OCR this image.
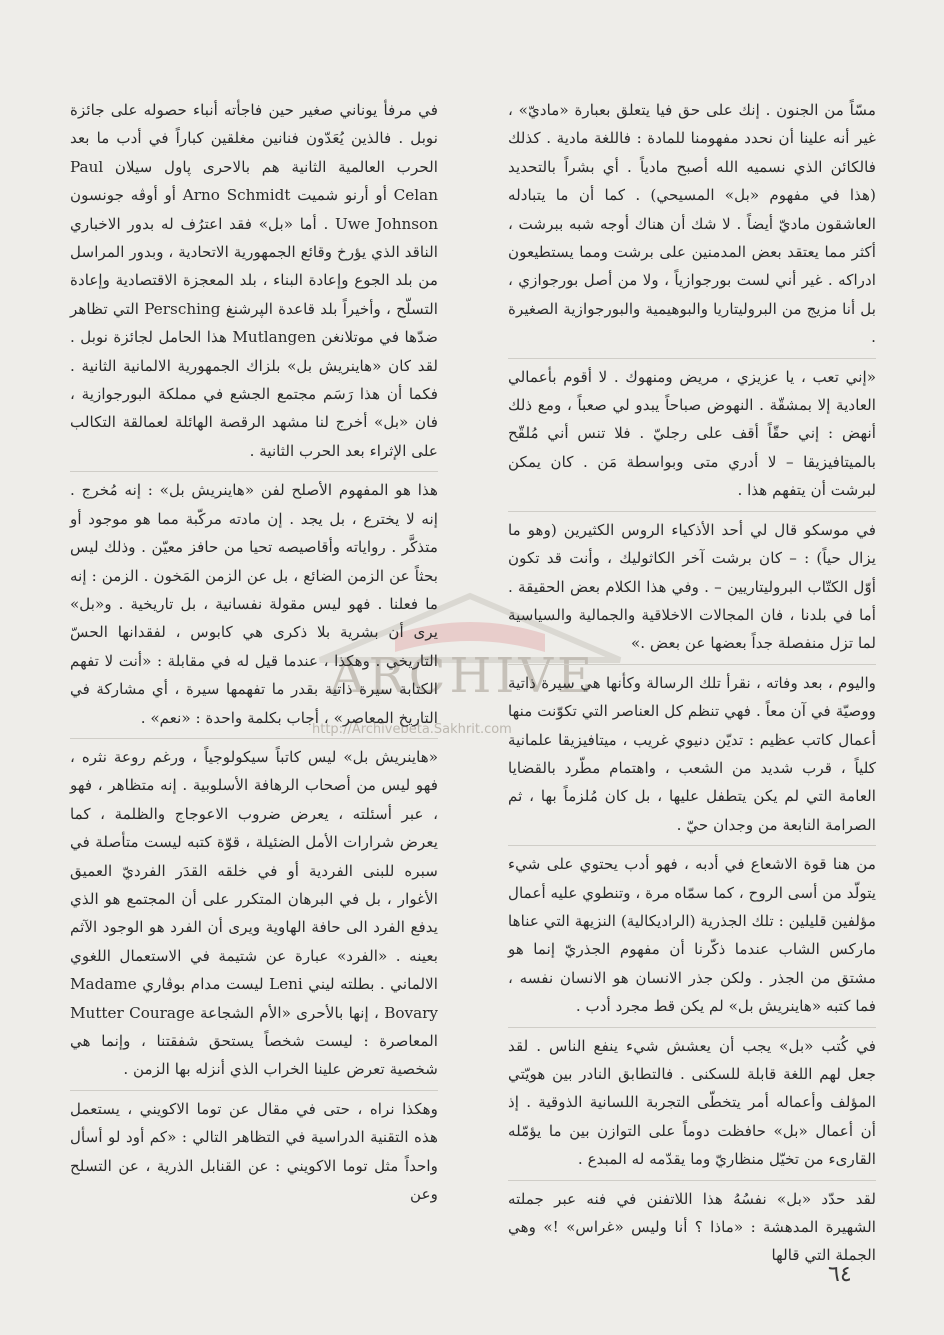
ARCHIVE
http://Archivebeta.Sakhrit.com

مسّاً من الجنون . إنك على حق فيا يتعلق بعبارة «ماديّ» ، غير أنه علينا أن نحدد مفهومنا للمادة : فاللغة مادية . كذلك فالكائن الذي نسميه الله أصبح مادياً . أي بشراً بالتحديد (هذا في مفهوم «بل» المسيحي) . كما أن ما يتبادله العاشقون ماديّ أيضاً . لا شك أن هناك أوجه شبه ببرشت ، أكثر مما يعتقد بعض المدمنين على برشت ومما يستطيعون ادراكه . غير أني لست بورجوازياً ، ولا من أصل بورجوازي ، بل أنا مزيج من البروليتاريا والبوهيمية والبورجوازية الصغيرة .

«إني تعب ، يا عزيزي ، مريض ومنهوك . لا أقوم بأعمالي العادية إلا بمشقّة . النهوض صباحاً يبدو لي صعباً ، ومع ذلك أنهض : إني حقّاً أقف على رجليّ . فلا تنس أني مُلقّح بالميتافيزيقا – لا أدري متى وبواسطة مَن . كان يمكن لبرشت أن يتفهم هذا .

في موسكو قال لي أحد الأذكياء الروس الكثيرين (وهو ما يزال حياً) : – كان برشت آخر الكاثوليك ، وأنت قد تكون أوّل الكتّاب البروليتاريين – . وفي هذا الكلام بعض الحقيقة . أما في بلدنا ، فان المجالات الاخلاقية والجمالية والسياسية لما تزل منفصلة جداً بعضها عن بعض .»

واليوم ، بعد وفاته ، نقرأ تلك الرسالة وكأنها هي سيرة ذاتية ووصيّة في آن معاً . فهي تنظم كل العناصر التي تكوّنت منها أعمال كاتب عظيم : تديّن دنيوي غريب ، ميتافيزيقا علمانية كلياً ، قرب شديد من الشعب ، واهتمام مطّرد بالقضايا العامة التي لم يكن يتطفل عليها ، بل كان مُلزماً بها ، ثم الصرامة النابعة من وجدان حيّ .

من هنا قوة الاشعاع في أدبه ، فهو أدب يحتوي على شيء يتولّد من أسى الروح ، كما سمّاه مرة ، وتنطوي عليه أعمال مؤلفين قليلين : تلك الجذرية (الراديكالية) النزيهة التي عناها ماركس الشاب عندما ذكّرنا أن مفهوم الجذريّ إنما هو مشتق من الجذر . ولكن جذر الانسان هو الانسان نفسه ، فما كتبه «هاينريش بل» لم يكن قط مجرد أدب .

في كُتب «بل» يجب أن يعشش شيء ينفع الناس . لقد جعل لهم اللغة قابلة للسكنى . فالتطابق النادر بين هويّتي المؤلف وأعماله أمر يتخطّى التجربة اللسانية الذوقية . إذ أن أعمال «بل» حافظت دوماً على التوازن بين ما يؤمّله القارىء من تخيّل منظاريّ وما يقدّمه له المبدع .

لقد حدّد «بل» نفسُهُ هذا اللاتفنن في فنه عبر جملته الشهيرة المدهشة : «ماذا ؟ أنا وليس «غراس» !» وهي الجملة التي قالها

في مرفأ يوناني صغير حين فاجأته أنباء حصوله على جائزة نوبل . فالذين يُعَدّون فنانين مغلقين كباراً في أدب ما بعد الحرب العالمية الثانية هم بالاحرى پاول سيلان Paul Celan أو أرنو شميت Arno Schmidt أو أوڤه جونسون Uwe Johnson . أما «بل» فقد اعترُف له بدور الاخباري الناقد الذي يؤرخ وقائع الجمهورية الاتحادية ، وبدور المراسل من بلد الجوع وإعادة البناء ، بلد المعجزة الاقتصادية وإعادة التسلّح ، وأخيراً بلد قاعدة الپرشنغ Persching التي تظاهر ضدّها في موتلانغن Mutlangen هذا الحامل لجائزة نوبل . لقد كان «هاينريش بل» بلزاك الجمهورية الالمانية الثانية . فكما أن هذا رَسَم مجتمع الجشع في مملكة البورجوازية ، فان «بل» أخرج لنا مشهد الرقصة الهائلة لعمالقة التكالب على الإثراء بعد الحرب الثانية .

هذا هو المفهوم الأصلح لفن «هاينريش بل» : إنه مُخرج . إنه لا يخترع ، بل يجد . إن مادته مركّبة مما هو موجود أو متذكَّر . رواياته وأقاصيصه تحيا من حافز معيّن . وذلك ليس بحثاً عن الزمن الضائع ، بل عن الزمن المَخون . الزمن : إنه ما فعلنا . فهو ليس مقولة نفسانية ، بل تاريخية . و«بل» يرى أن بشرية بلا ذكرى هي كابوس ، لفقدانها الحسّ التاريخي . وهكذا ، عندما قيل له في مقابلة : «أنت لا تفهم الكتابة سيرة ذاتية بقدر ما تفهمها سيرة ، أي مشاركة في التاريخ المعاصر» ، أجاب بكلمة واحدة : «نعم» .

«هاينريش بل» ليس كاتباً سيكولوجياً ، ورغم روعة نثره ، فهو ليس من أصحاب الرهافة الأسلوبية . إنه متظاهر ، فهو ، عبر أسئلته ، يعرض ضروب الاعوجاج والظلمة ، كما يعرض شرارات الأمل الضئيلة ، قوّة كتبه ليست متأصلة في سبره للبنى الفردية أو في خلقه القدَر الفرديّ العميق الأغوار ، بل في البرهان المتكرر على أن المجتمع هو الذي يدفع الفرد الى حافة الهاوية ويرى أن الفرد هو الوجود الآثم بعينه . «الفرد» عبارة عن شتيمة في الاستعمال اللغوي الالماني . بطلته ليني Leni ليست مدام بوڤاري Madame Bovary ، إنها بالأحرى «الأم الشجاعة Mutter Courage المعاصرة : ليست شخصاً يستحق شفقتنا ، وإنما هي شخصية تعرض علينا الخراب الذي أنزله بها الزمن .

وهكذا نراه ، حتى في مقال عن توما الاكويني ، يستعمل هذه التقنية الدراسية في التظاهر التالي : «كم أود لو أسأل واحداً مثل توما الاكويني : عن القنابل الذرية ، عن التسلح وعن

٦٤
